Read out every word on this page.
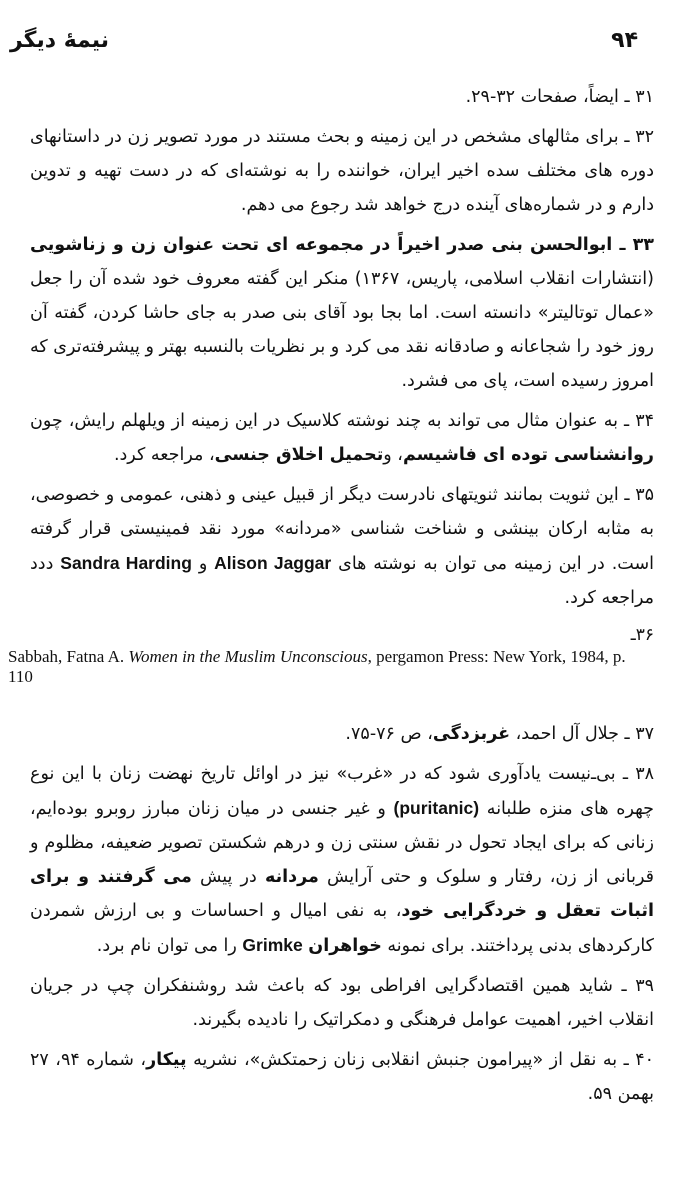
نیمهٔ دیگر	۹۴

۳۱ ـ ایضاً، صفحات ۳۲-۲۹.

۳۲ ـ برای مثالهای مشخص در این زمینه و بحث مستند در مورد تصویر زن در داستانهای دوره های مختلف سده اخیر ایران، خواننده را به نوشته‌ای که در دست تهیه و تدوین دارم و در شماره‌های آینده درج خواهد شد رجوع می دهم.

۳۳ ـ ابوالحسن بنی صدر اخیراً در مجموعه ای تحت عنوان زن و زناشویی (انتشارات انقلاب اسلامی، پاریس، ۱۳۶۷) منکر این گفته معروف خود شده آن را جعل «عمال توتالیتر» دانسته است. اما بجا بود آقای بنی صدر به جای حاشا کردن، گفته آن روز خود را شجاعانه و صادقانه نقد می کرد و بر نظریات بالنسبه بهتر و پیشرفته‌تری که امروز رسیده است، پای می فشرد.

۳۴ ـ به عنوان مثال می تواند به چند نوشته کلاسیک در این زمینه از ویلهلم رایش، چون روانشناسی توده ای فاشیسم، وتحمیل اخلاق جنسی، مراجعه کرد.

۳۵ ـ این ثنویت بمانند ثنویتهای نادرست دیگر از قبیل عینی و ذهنی، عمومی و خصوصی، به مثابه ارکان بینشی و شناخت شناسی «مردانه» مورد نقد فمینیستی قرار گرفته است. در این زمینه می توان به نوشته های Alison Jaggar و Sandra Harding ددد مراجعه کرد.

۳۶ـ
Sabbah, Fatna A. Women in the Muslim Unconscious, pergamon Press: New York, 1984, p. 110

۳۷ ـ جلال آل احمد، غربزدگی، ص ۷۶-۷۵.

۳۸ ـ بی‌ـ‌نیست یادآوری شود که در «غرب» نیز در اوائل تاریخ نهضت زنان با این نوع چهره های منزه طلبانه (puritanic) و غیر جنسی در میان زنان مبارز روبرو بوده‌ایم، زنانی که برای ایجاد تحول در نقش سنتی زن و درهم شکستن تصویر ضعیفه، مظلوم و قربانی از زن، رفتار و سلوک و حتی آرایش مردانه در پیش می گرفتند و برای اثبات تعقل و خردگرایی خود، به نفی امیال و احساسات و بی ارزش شمردن کارکردهای بدنی پرداختند. برای نمونه خواهران Grimke را می توان نام برد.

۳۹ ـ شاید همین اقتصادگرایی افراطی بود که باعث شد روشنفکران چپ در جریان انقلاب اخیر، اهمیت عوامل فرهنگی و دمکراتیک را نادیده بگیرند.

۴۰ ـ به نقل از «پیرامون جنبش انقلابی زنان زحمتکش»، نشریه پیکار، شماره ۹۴، ۲۷ بهمن ۵۹.
